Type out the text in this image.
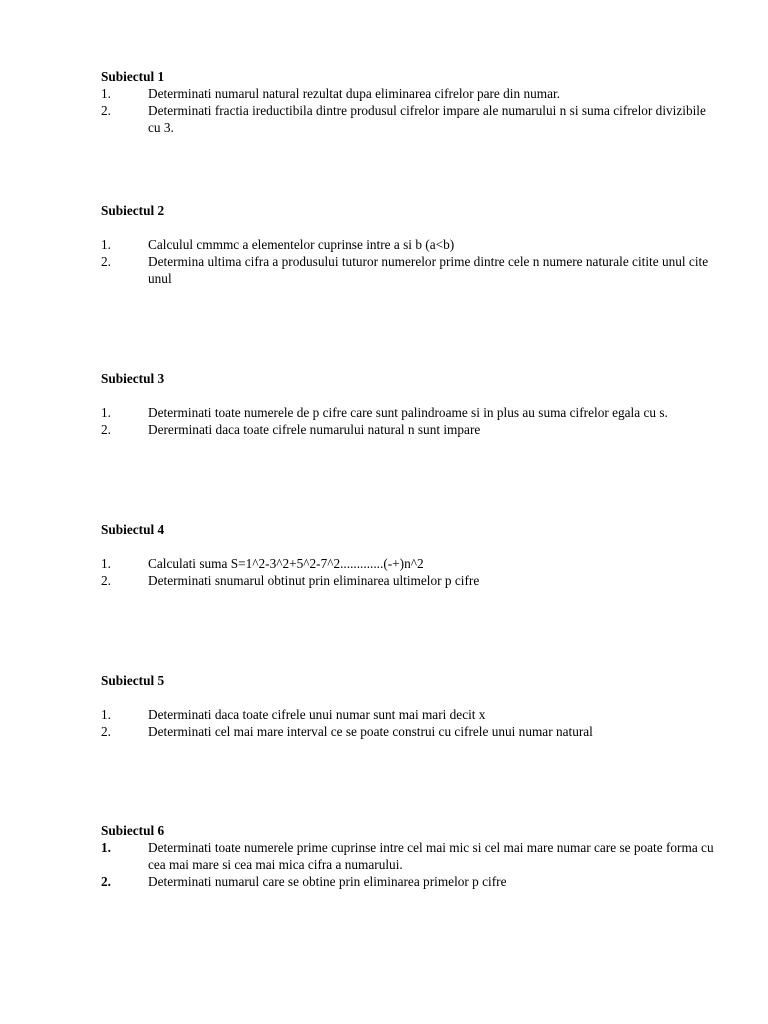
Subiectul 1
1.	Determinati numarul natural rezultat dupa eliminarea cifrelor pare din numar.
2.	Determinati fractia ireductibila dintre produsul cifrelor impare ale numarului n si suma cifrelor divizibile cu 3.
Subiectul 2
1.	Calculul cmmmc a elementelor cuprinse intre a si b (a<b)
2.	Determina ultima cifra a produsului tuturor numerelor prime dintre cele n numere naturale citite unul cite unul
Subiectul 3
1.	Determinati toate numerele de p cifre care sunt palindroame si in plus au suma cifrelor egala cu s.
2.	Dererminati daca toate cifrele numarului natural n sunt impare
Subiectul 4
1.	Calculati suma S=1^2-3^2+5^2-7^2.............(-+)n^2
2.	Determinati snumarul obtinut prin eliminarea ultimelor p cifre
Subiectul 5
1.	Determinati daca toate cifrele unui numar sunt mai mari decit x
2.	Determinati cel mai mare interval ce se poate construi cu cifrele unui numar natural
Subiectul 6
1.	Determinati toate numerele prime cuprinse intre cel mai mic si cel mai mare numar care se poate forma cu cea mai mare si cea mai mica cifra a numarului.
2.	Determinati numarul care se obtine prin eliminarea primelor p cifre
